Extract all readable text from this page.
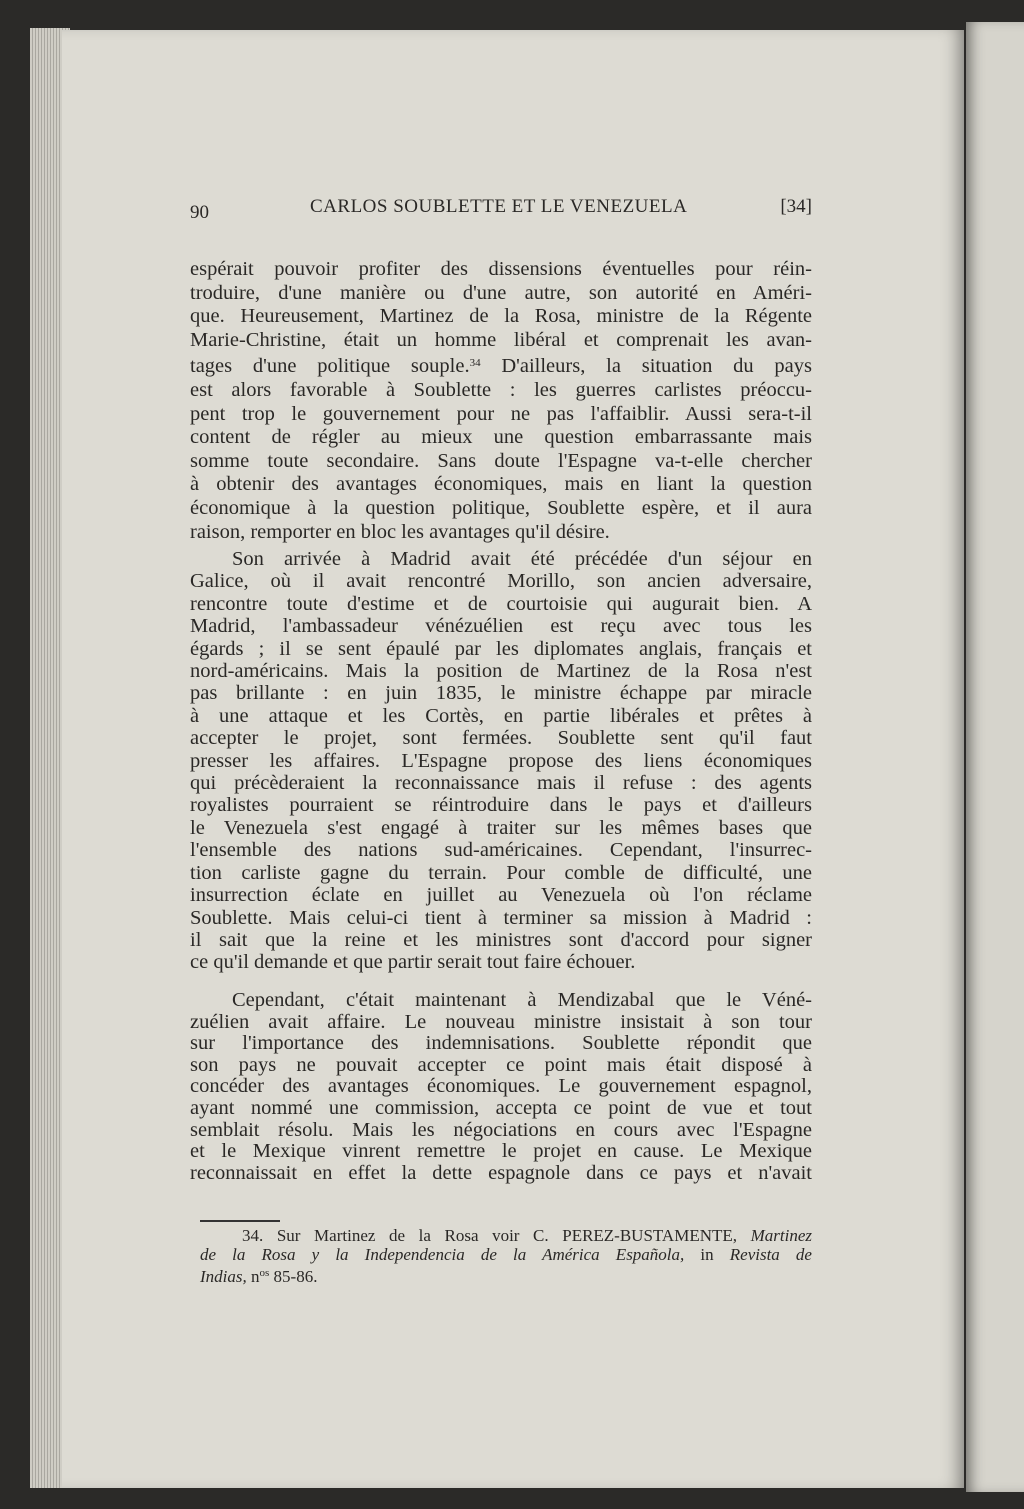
90	CARLOS SOUBLETTE ET LE VENEZUELA	[34]
espérait pouvoir profiter des dissensions éventuelles pour réin-
troduire, d'une manière ou d'une autre, son autorité en Améri-
que. Heureusement, Martinez de la Rosa, ministre de la Régente
Marie-Christine, était un homme libéral et comprenait les avan-
tages d'une politique souple.$^{34}$ D'ailleurs, la situation du pays
est alors favorable à Soublette : les guerres carlistes préoccu-
pent trop le gouvernement pour ne pas l'affaiblir. Aussi sera-t-il
content de régler au mieux une question embarrassante mais
somme toute secondaire. Sans doute l'Espagne va-t-elle chercher
à obtenir des avantages économiques, mais en liant la question
économique à la question politique, Soublette espère, et il aura
raison, remporter en bloc les avantages qu'il désire.
Son arrivée à Madrid avait été précédée d'un séjour en
Galice, où il avait rencontré Morillo, son ancien adversaire,
rencontre toute d'estime et de courtoisie qui augurait bien. A
Madrid, l'ambassadeur vénézuélien est reçu avec tous les
égards ; il se sent épaulé par les diplomates anglais, français et
nord-américains. Mais la position de Martinez de la Rosa n'est
pas brillante : en juin 1835, le ministre échappe par miracle
à une attaque et les Cortès, en partie libérales et prêtes à
accepter le projet, sont fermées. Soublette sent qu'il faut
presser les affaires. L'Espagne propose des liens économiques
qui précèderaient la reconnaissance mais il refuse : des agents
royalistes pourraient se réintroduire dans le pays et d'ailleurs
le Venezuela s'est engagé à traiter sur les mêmes bases que
l'ensemble des nations sud-américaines. Cependant, l'insurrec-
tion carliste gagne du terrain. Pour comble de difficulté, une
insurrection éclate en juillet au Venezuela où l'on réclame
Soublette. Mais celui-ci tient à terminer sa mission à Madrid :
il sait que la reine et les ministres sont d'accord pour signer
ce qu'il demande et que partir serait tout faire échouer.
Cependant, c'était maintenant à Mendizabal que le Véné-
zuélien avait affaire. Le nouveau ministre insistait à son tour
sur l'importance des indemnisations. Soublette répondit que
son pays ne pouvait accepter ce point mais était disposé à
concéder des avantages économiques. Le gouvernement espagnol,
ayant nommé une commission, accepta ce point de vue et tout
semblait résolu. Mais les négociations en cours avec l'Espagne
et le Mexique vinrent remettre le projet en cause. Le Mexique
reconnaissait en effet la dette espagnole dans ce pays et n'avait
34. Sur Martinez de la Rosa voir C. PEREZ-BUSTAMENTE, Martinez
de la Rosa y la Independencia de la América Española, in Revista de
Indias, $n^{os}$ 85-86.
